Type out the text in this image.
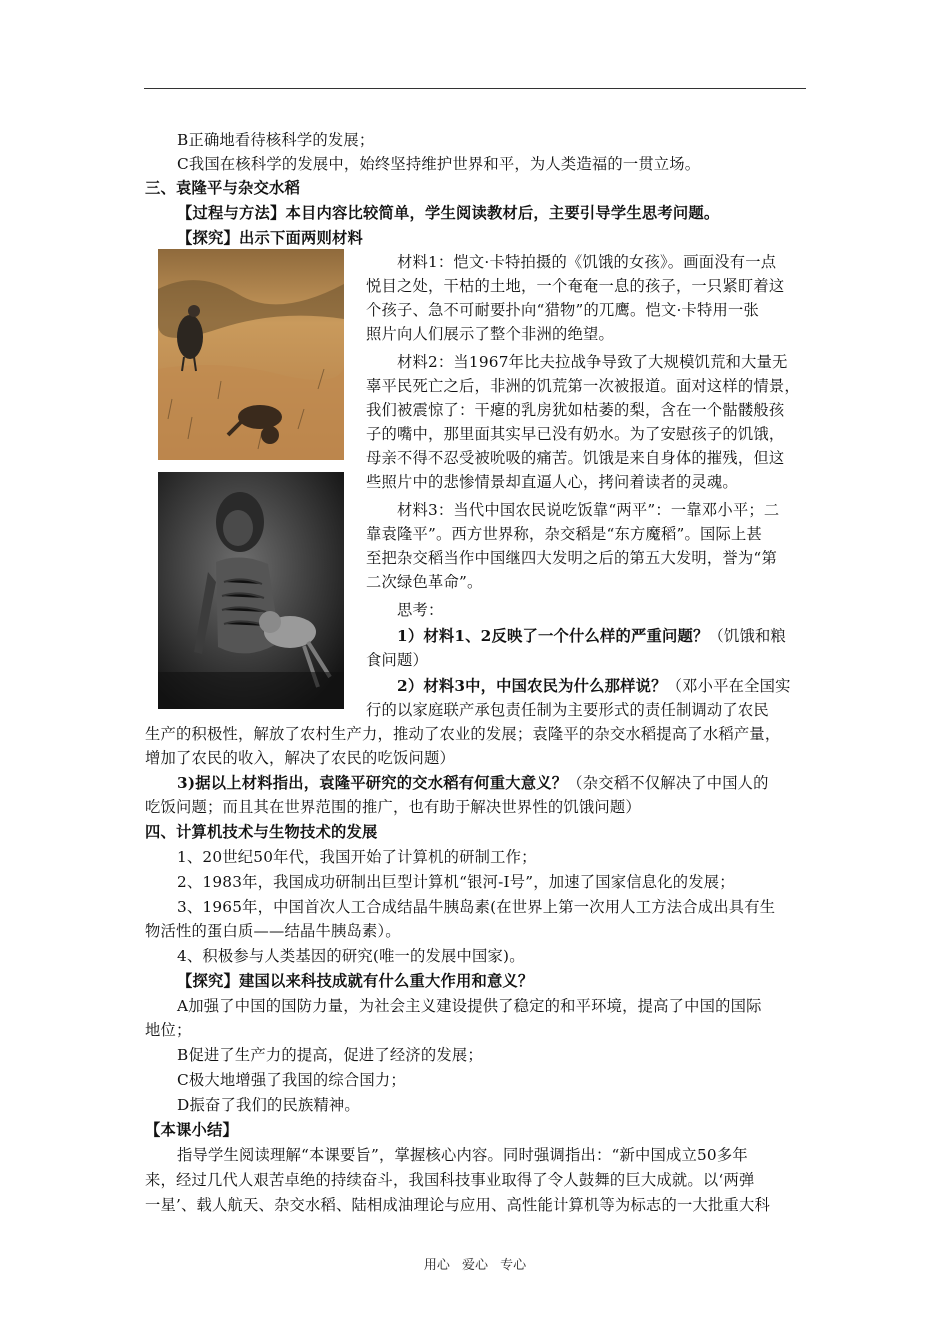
B正确地看待核科学的发展；
C我国在核科学的发展中，始终坚持维护世界和平，为人类造福的一贯立场。
三、袁隆平与杂交水稻
【过程与方法】本目内容比较简单，学生阅读教材后，主要引导学生思考问题。
【探究】出示下面两则材料
　　材料1：恺文·卡特拍摄的《饥饿的女孩》。画面没有一点
悦目之处，干枯的土地，一个奄奄一息的孩子，一只紧盯着这
个孩子、急不可耐要扑向“猎物”的兀鹰。恺文·卡特用一张
照片向人们展示了整个非洲的绝望。
　　材料2：当1967年比夫拉战争导致了大规模饥荒和大量无
辜平民死亡之后，非洲的饥荒第一次被报道。面对这样的情景，
我们被震惊了：干瘪的乳房犹如枯萎的梨，含在一个骷髅般孩
子的嘴中，那里面其实早已没有奶水。为了安慰孩子的饥饿，
母亲不得不忍受被吮吸的痛苦。饥饿是来自身体的摧残，但这
些照片中的悲惨情景却直逼人心，拷问着读者的灵魂。
　　材料3：当代中国农民说吃饭靠“两平”：一靠邓小平；二
靠袁隆平”。西方世界称，杂交稻是“东方魔稻”。国际上甚
至把杂交稻当作中国继四大发明之后的第五大发明，誉为“第
二次绿色革命”。
　　思考：
　　1）材料1、2反映了一个什么样的严重问题？（饥饿和粮
食问题）
　　2）材料3中，中国农民为什么那样说？（邓小平在全国实
行的以家庭联产承包责任制为主要形式的责任制调动了农民
生产的积极性，解放了农村生产力，推动了农业的发展；袁隆平的杂交水稻提高了水稻产量，
增加了农民的收入，解决了农民的吃饭问题）
3)据以上材料指出，袁隆平研究的交水稻有何重大意义？（杂交稻不仅解决了中国人的
吃饭问题；而且其在世界范围的推广，也有助于解决世界性的饥饿问题）
四、计算机技术与生物技术的发展
1、20世纪50年代，我国开始了计算机的研制工作；
2、1983年，我国成功研制出巨型计算机“银河-Ⅰ号”，加速了国家信息化的发展；
3、1965年，中国首次人工合成结晶牛胰岛素(在世界上第一次用人工方法合成出具有生
物活性的蛋白质——结晶牛胰岛素）。
4、积极参与人类基因的研究(唯一的发展中国家)。
【探究】建国以来科技成就有什么重大作用和意义？
A加强了中国的国防力量，为社会主义建设提供了稳定的和平环境，提高了中国的国际
地位；
B促进了生产力的提高，促进了经济的发展；
C极大地增强了我国的综合国力；
D振奋了我们的民族精神。
【本课小结】
指导学生阅读理解“本课要旨”，掌握核心内容。同时强调指出：“新中国成立50多年
来，经过几代人艰苦卓绝的持续奋斗，我国科技事业取得了令人鼓舞的巨大成就。以‘两弹
一星’、载人航天、杂交水稻、陆相成油理论与应用、高性能计算机等为标志的一大批重大科
用心 爱心 专心
